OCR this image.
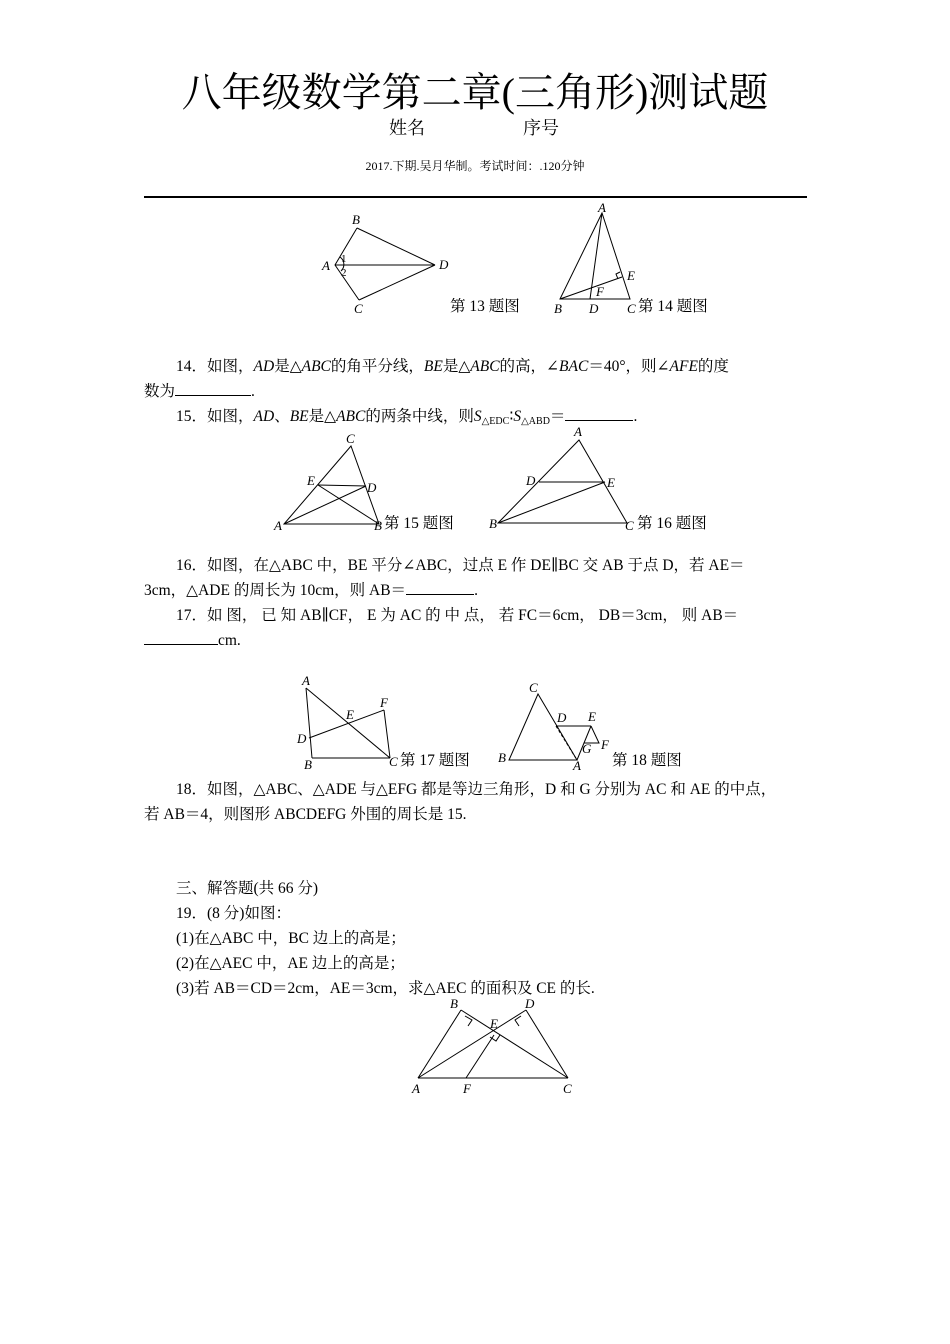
八年级数学第二章(三角形)测试题
姓名	序号
2017.下期.吴月华制。考试时间：.120分钟
B
A 1
2
D
C	第 13 题图
A
E
F
B D C 第 14 题图
14．如图，AD是△ABC的角平分线，BE是△ABC的高，∠BAC＝40°，则∠AFE的度
数为	.
15．如图，AD、BE是△ABC的两条中线，则$S_{\triangle EDC}∶S_{\triangle ABD}=$	.
C
E	D
A	B 第 15 题图
A
D	E
B	C 第 16 题图
16．如图，在△ABC 中，BE 平分∠ABC，过点 E 作 DE∥BC 交 AB 于点 D，若 AE＝
3cm，△ADE 的周长为 10cm，则 AB＝	.
17．如 图， 已 知 AB∥CF， E 为 AC 的 中 点， 若 FC＝6cm， DB＝3cm， 则 AB＝
cm.
A
F
E
D
B	C 第 17 题图
C
D E
F
G
B
A 第 18 题图
18．如图，△ABC、△ADE 与△EFG 都是等边三角形，D 和 G 分别为 AC 和 AE 的中点，
若 AB＝4，则图形 ABCDEFG 外围的周长是 15.
三、解答题(共 66 分)
19．(8 分)如图：
(1)在△ABC 中，BC 边上的高是；
(2)在△AEC 中，AE 边上的高是；
(3)若 AB＝CD＝2cm，AE＝3cm，求△AEC 的面积及 CE 的长.
B	D
E
A	F	C
